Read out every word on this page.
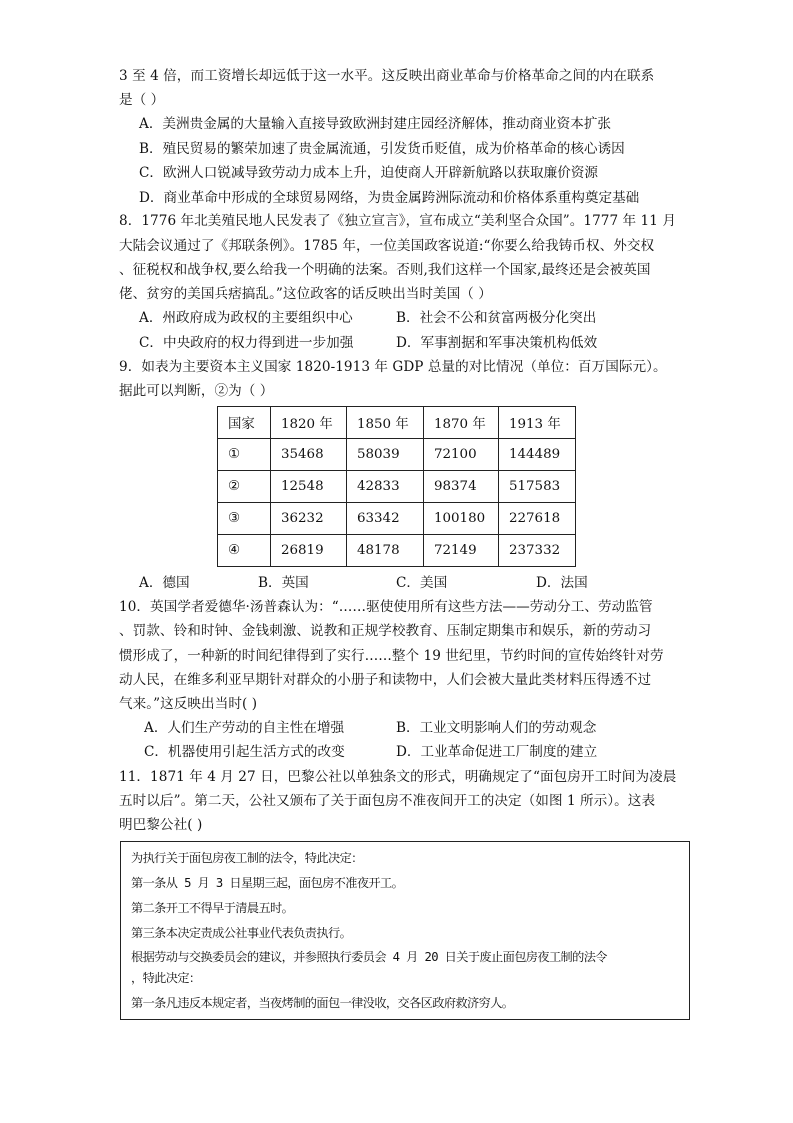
3 至 4 倍，而工资增长却远低于这一水平。这反映出商业革命与价格革命之间的内在联系
是（ ）
A．美洲贵金属的大量输入直接导致欧洲封建庄园经济解体，推动商业资本扩张
B．殖民贸易的繁荣加速了贵金属流通，引发货币贬值，成为价格革命的核心诱因
C．欧洲人口锐减导致劳动力成本上升，迫使商人开辟新航路以获取廉价资源
D．商业革命中形成的全球贸易网络，为贵金属跨洲际流动和价格体系重构奠定基础
8．1776 年北美殖民地人民发表了《独立宣言》，宣布成立“美利坚合众国”。1777 年 11 月
大陆会议通过了《邦联条例》。1785 年，一位美国政客说道:“你要么给我铸币权、外交权
、征税权和战争权,要么给我一个明确的法案。否则,我们这样一个国家,最终还是会被英国
佬、贫穷的美国兵痞搞乱。”这位政客的话反映出当时美国（ ）
A．州政府成为政权的主要组织中心	B．社会不公和贫富两极分化突出
C．中央政府的权力得到进一步加强	D．军事割据和军事决策机构低效
9．如表为主要资本主义国家 1820-1913 年 GDP 总量的对比情况（单位：百万国际元）。
据此可以判断，②为（ ）
国家	1820 年	1850 年	1870 年	1913 年
①	35468	58039	72100	144489
②	12548	42833	98374	517583
③	36232	63342	100180	227618
④	26819	48178	72149	237332
A．德国	B．英国	C．美国	D．法国
10．英国学者爱德华·汤普森认为：“……驱使使用所有这些方法——劳动分工、劳动监管
、罚款、铃和时钟、金钱刺激、说教和正规学校教育、压制定期集市和娱乐，新的劳动习
惯形成了，一种新的时间纪律得到了实行……整个 19 世纪里，节约时间的宣传始终针对劳
动人民，在维多利亚早期针对群众的小册子和读物中，人们会被大量此类材料压得透不过
气来。”这反映出当时( )
A．人们生产劳动的自主性在增强	B．工业文明影响人们的劳动观念
C．机器使用引起生活方式的改变	D．工业革命促进工厂制度的建立
11．1871 年 4 月 27 日，巴黎公社以单独条文的形式，明确规定了“面包房开工时间为凌晨
五时以后”。第二天，公社又颁布了关于面包房不准夜间开工的决定（如图 1 所示）。这表
明巴黎公社( )
为执行关于面包房夜工制的法令，特此决定：
第一条从 5 月 3 日星期三起，面包房不准夜开工。
第二条开工不得早于清晨五时。
第三条本决定责成公社事业代表负责执行。
根据劳动与交换委员会的建议，并参照执行委员会 4 月 20 日关于废止面包房夜工制的法令
，特此决定：
第一条凡违反本规定者，当夜烤制的面包一律没收，交各区政府救济穷人。
